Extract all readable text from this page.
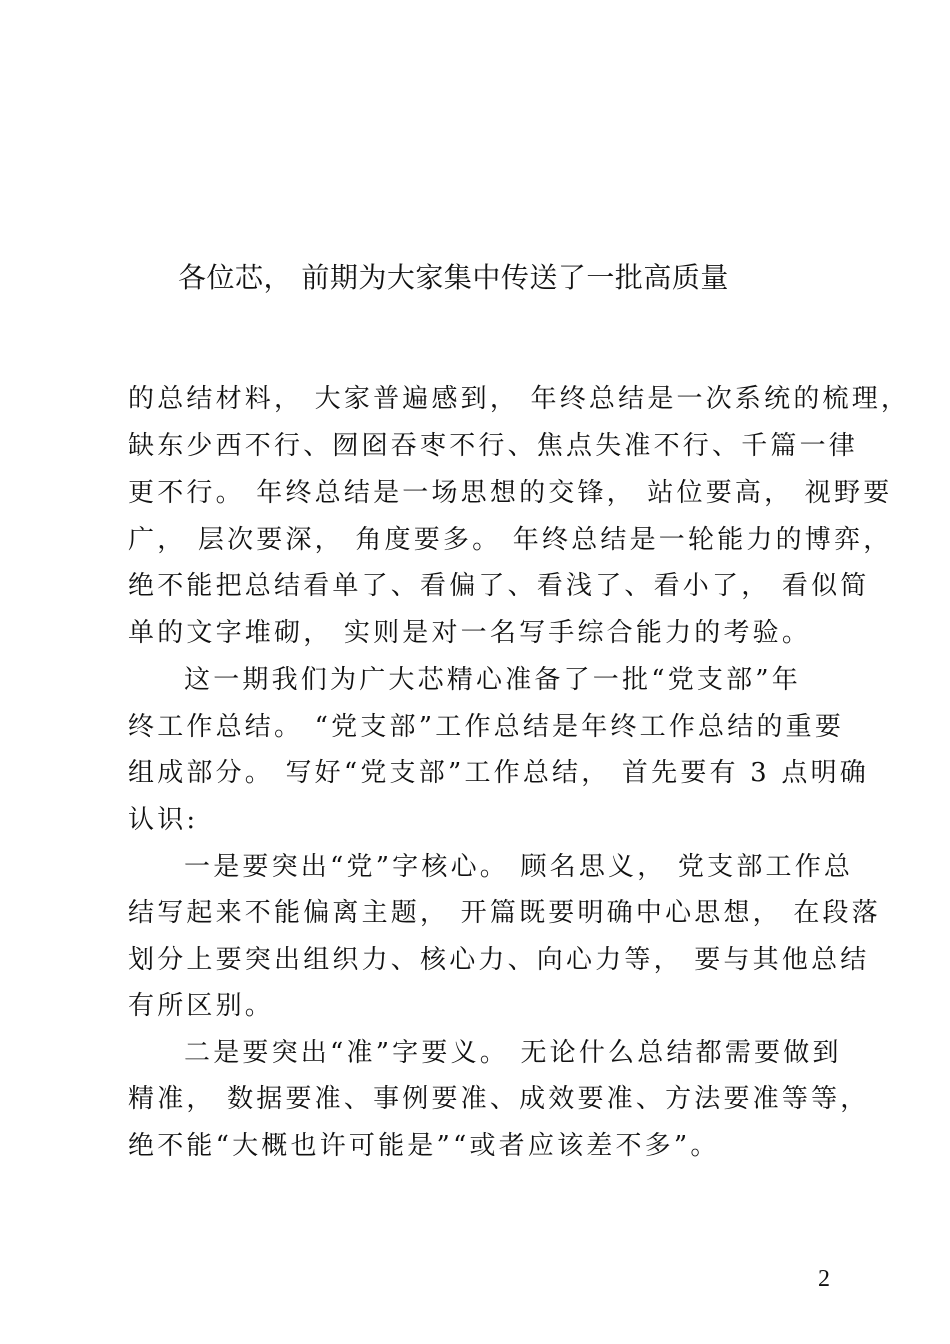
各位芯， 前期为大家集中传送了一批高质量
的总结材料， 大家普遍感到， 年终总结是一次系统的梳理，
缺东少西不行、囫囵吞枣不行、焦点失准不行、千篇一律
更不行。 年终总结是一场思想的交锋， 站位要高， 视野要
广， 层次要深， 角度要多。 年终总结是一轮能力的博弈，
绝不能把总结看单了、看偏了、看浅了、看小了， 看似简
单的文字堆砌， 实则是对一名写手综合能力的考验。
这一期我们为广大芯精心准备了一批“党支部”年
终工作总结。 “党支部”工作总结是年终工作总结的重要
组成部分。 写好“党支部”工作总结， 首先要有 3 点明确
认识:
一是要突出“党”字核心。 顾名思义， 党支部工作总
结写起来不能偏离主题， 开篇既要明确中心思想， 在段落
划分上要突出组织力、核心力、向心力等， 要与其他总结
有所区别。
二是要突出“准”字要义。 无论什么总结都需要做到
精准， 数据要准、事例要准、成效要准、方法要准等等，
绝不能“大概也许可能是”“或者应该差不多”。
2
